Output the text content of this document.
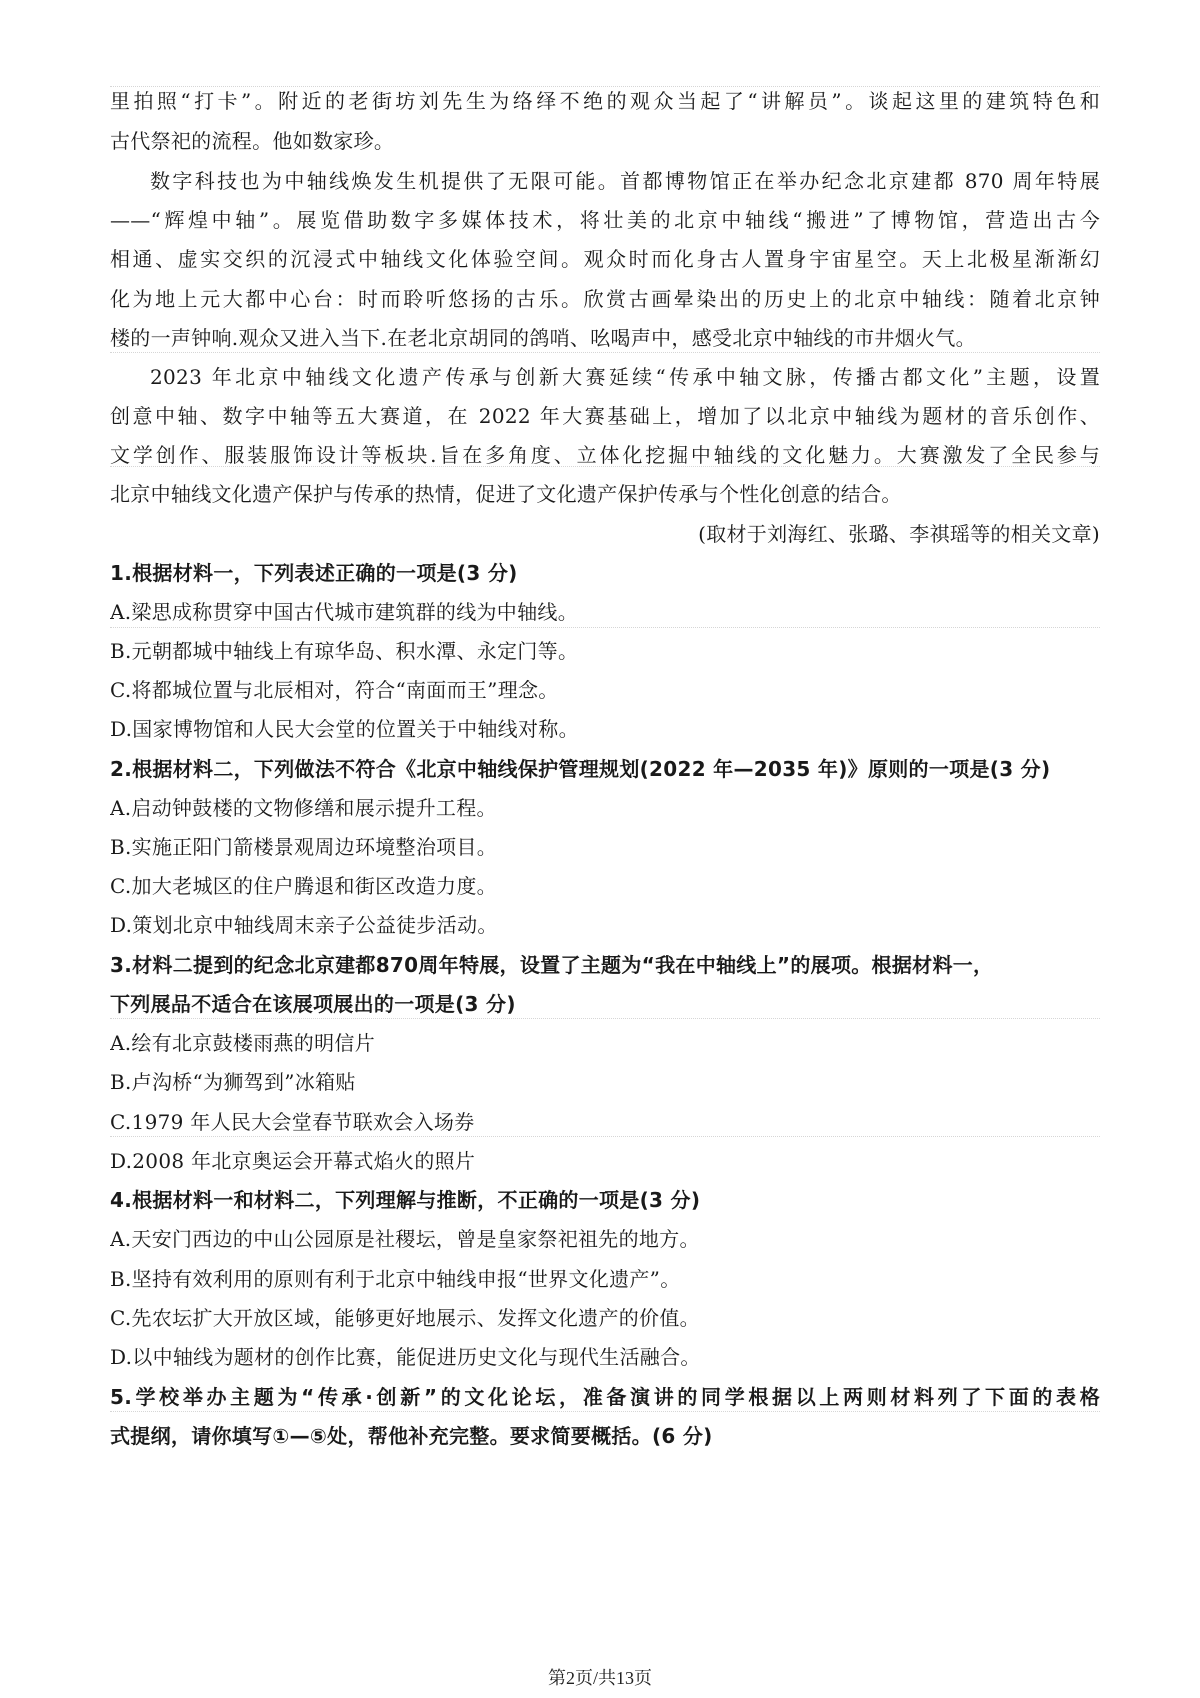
里拍照“打卡”。附近的老街坊刘先生为络绎不绝的观众当起了“讲解员”。谈起这里的建筑特色和
古代祭祀的流程。他如数家珍。
数字科技也为中轴线焕发生机提供了无限可能。首都博物馆正在举办纪念北京建都 870 周年特展
——“辉煌中轴”。展览借助数字多媒体技术，将壮美的北京中轴线“搬进”了博物馆，营造出古今
相通、虚实交织的沉浸式中轴线文化体验空间。观众时而化身古人置身宇宙星空。天上北极星渐渐幻
化为地上元大都中心台：时而聆听悠扬的古乐。欣赏古画晕染出的历史上的北京中轴线：随着北京钟
楼的一声钟响.观众又进入当下.在老北京胡同的鸽哨、吆喝声中，感受北京中轴线的市井烟火气。
2023 年北京中轴线文化遗产传承与创新大赛延续“传承中轴文脉，传播古都文化”主题，设置
创意中轴、数字中轴等五大赛道，在 2022 年大赛基础上，增加了以北京中轴线为题材的音乐创作、
文学创作、服装服饰设计等板块.旨在多角度、立体化挖掘中轴线的文化魅力。大赛激发了全民参与
北京中轴线文化遗产保护与传承的热情，促进了文化遗产保护传承与个性化创意的结合。
(取材于刘海红、张璐、李祺瑶等的相关文章)
1.根据材料一，下列表述正确的一项是(3 分)
A.梁思成称贯穿中国古代城市建筑群的线为中轴线。
B.元朝都城中轴线上有琼华岛、积水潭、永定门等。
C.将都城位置与北辰相对，符合“南面而王”理念。
D.国家博物馆和人民大会堂的位置关于中轴线对称。
2.根据材料二，下列做法不符合《北京中轴线保护管理规划(2022 年—2035 年)》原则的一项是(3 分)
A.启动钟鼓楼的文物修缮和展示提升工程。
B.实施正阳门箭楼景观周边环境整治项目。
C.加大老城区的住户腾退和街区改造力度。
D.策划北京中轴线周末亲子公益徒步活动。
3.材料二提到的纪念北京建都870周年特展，设置了主题为“我在中轴线上”的展项。根据材料一，
下列展品不适合在该展项展出的一项是(3 分)
A.绘有北京鼓楼雨燕的明信片
B.卢沟桥“为狮驾到”冰箱贴
C.1979 年人民大会堂春节联欢会入场券
D.2008 年北京奥运会开幕式焰火的照片
4.根据材料一和材料二，下列理解与推断，不正确的一项是(3 分)
A.天安门西边的中山公园原是社稷坛，曾是皇家祭祀祖先的地方。
B.坚持有效利用的原则有利于北京中轴线申报“世界文化遗产”。
C.先农坛扩大开放区域，能够更好地展示、发挥文化遗产的价值。
D.以中轴线为题材的创作比赛，能促进历史文化与现代生活融合。
5.学校举办主题为“传承·创新”的文化论坛，准备演讲的同学根据以上两则材料列了下面的表格
式提纲，请你填写①—⑤处，帮他补充完整。要求简要概括。(6 分)
第2页/共13页
